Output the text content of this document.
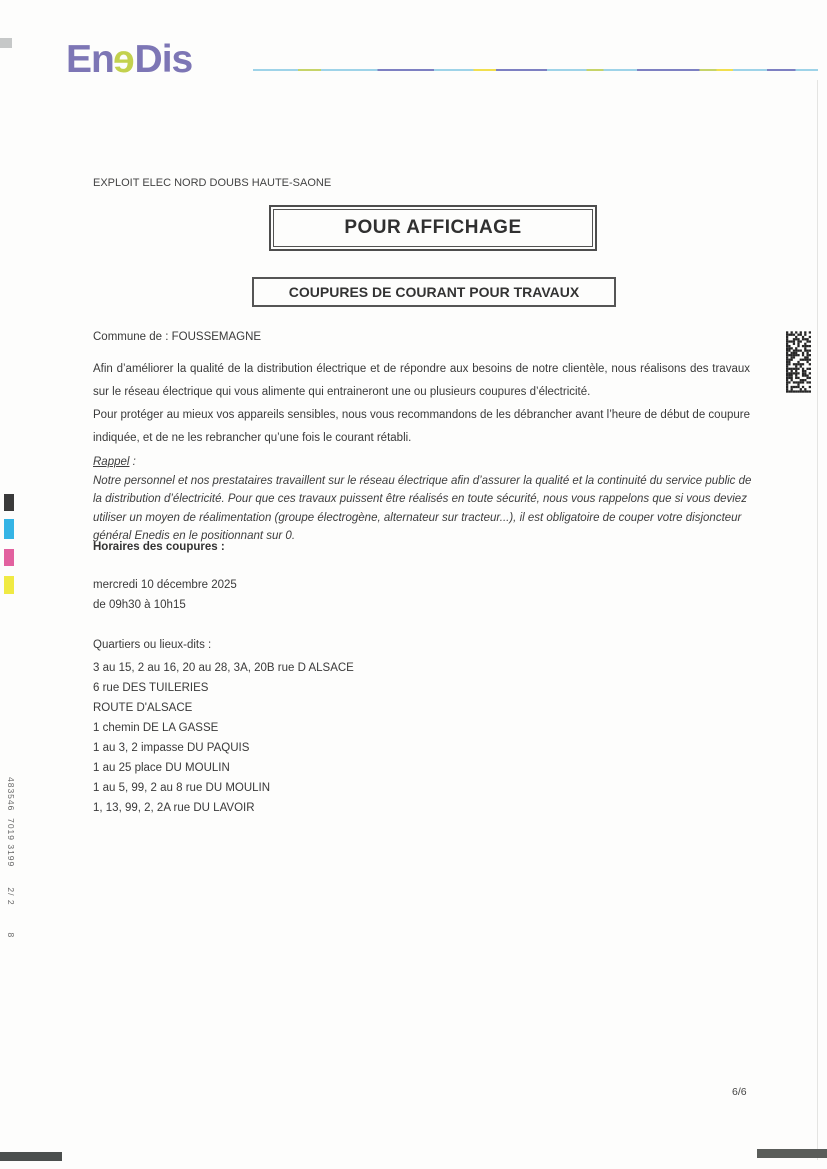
EneDis
EXPLOIT ELEC NORD DOUBS HAUTE-SAONE
POUR AFFICHAGE
COUPURES DE COURANT POUR TRAVAUX
Commune de : FOUSSEMAGNE
Afin d’améliorer la qualité de la distribution électrique et de répondre aux besoins de notre clientèle, nous réalisons des travaux sur le réseau électrique qui vous alimente qui entraineront une ou plusieurs coupures d’électricité.
Pour protéger au mieux vos appareils sensibles, nous vous recommandons de les débrancher avant l’heure de début de coupure indiquée, et de ne les rebrancher qu’une fois le courant rétabli.
Rappel :
Notre personnel et nos prestataires travaillent sur le réseau électrique afin d’assurer la qualité et la continuité du service public de la distribution d’électricité. Pour que ces travaux puissent être réalisés en toute sécurité, nous vous rappelons que si vous deviez utiliser un moyen de réalimentation (groupe électrogène, alternateur sur tracteur...), il est obligatoire de couper votre disjoncteur général Enedis en le positionnant sur 0.
Horaires des coupures :
mercredi 10 décembre 2025
de 09h30 à 10h15
Quartiers ou lieux-dits :
3 au 15, 2 au 16, 20 au 28, 3A, 20B rue D ALSACE
6 rue DES TUILERIES
ROUTE D'ALSACE
1 chemin DE LA GASSE
1 au 3, 2 impasse DU PAQUIS
1 au 25 place DU MOULIN
1 au 5, 99, 2 au 8 rue DU MOULIN
1, 13, 99, 2, 2A rue DU LAVOIR
6/6
483546  7019 3199      2/ 2        8
